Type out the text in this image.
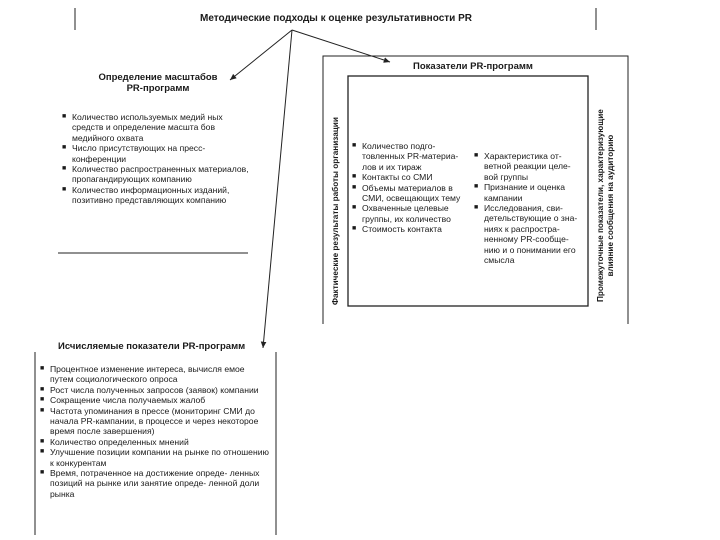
Методические подходы к оценке результативности PR
Определение масштабов
PR-программ
■ Количество используемых медий ных средств и определение масшта бов медийного охвата
■ Число присутствующих на пресс- конференции
■ Количество распространенных материалов, пропагандирующих компанию
■ Количество информационных изданий, позитивно представляющих компанию
Показатели PR-программ
Фактические результаты работы организации	Промежуточные показатели, характеризующие влияние сообщения на аудиторию
■ Количество подго- товленных PR-материа- лов и их тираж
■ Контакты со СМИ
■ Объемы материалов в СМИ, освещающих тему
■ Охваченные целевые группы, их количество
■ Стоимость контакта
■ Характеристика от- ветной реакции целе- вой группы
■ Признание и оценка кампании
■ Исследования, сви- детельствующие о зна- ниях к распростра- ненному PR-сообще- нию и о понимании его смысла
Исчисляемые показатели PR-программ
■ Процентное изменение интереса, вычисля емое путем социологического опроса
■ Рост числа полученных запросов (заявок) компании
■ Сокращение числа получаемых жалоб
■ Частота упоминания в прессе (мониторинг СМИ до начала PR-кампании, в процессе и через некоторое время после завершения)
■ Количество определенных мнений
■ Улучшение позиции компании на рынке по отношению к конкурентам
■ Время, потраченное на достижение опреде- ленных позиций на рынке или занятие опреде- ленной доли рынка
